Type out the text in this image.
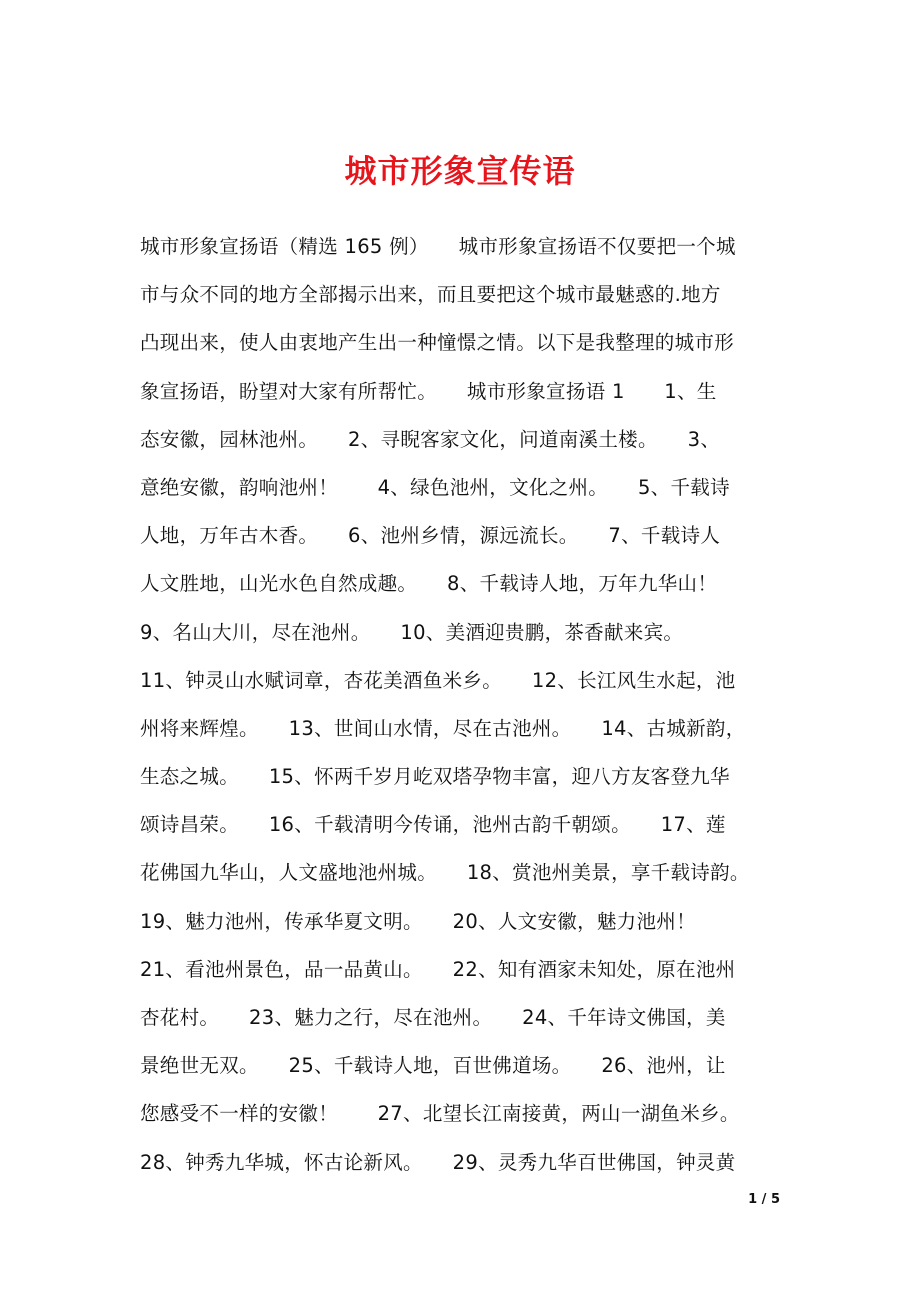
城市形象宣传语
城市形象宣扬语（精选 165 例）　　城市形象宣扬语不仅要把一个城
市与众不同的地方全部揭示出来，而且要把这个城市最魅惑的.地方
凸现出来，使人由衷地产生出一种憧憬之情。以下是我整理的城市形
象宣扬语，盼望对大家有所帮忙。　　城市形象宣扬语 1　　1、生
态安徽，园林池州。　　2、寻睨客家文化，问道南溪土楼。　　3、
意绝安徽，韵响池州！　　4、绿色池州，文化之州。　　5、千载诗
人地，万年古木香。　　6、池州乡情，源远流长。　　7、千载诗人
人文胜地，山光水色自然成趣。　　8、千载诗人地，万年九华山！
9、名山大川，尽在池州。　　10、美酒迎贵鹏，茶香献来宾。
11、钟灵山水赋词章，杏花美酒鱼米乡。　　12、长江风生水起，池
州将来辉煌。　　13、世间山水情，尽在古池州。　　14、古城新韵，
生态之城。　　15、怀两千岁月屹双塔孕物丰富，迎八方友客登九华
颂诗昌荣。　　16、千载清明今传诵，池州古韵千朝颂。　　17、莲
花佛国九华山，人文盛地池州城。　　18、赏池州美景，享千载诗韵。
19、魅力池州，传承华夏文明。　　20、人文安徽，魅力池州！
21、看池州景色，品一品黄山。　　22、知有酒家未知处，原在池州
杏花村。　　23、魅力之行，尽在池州。　　24、千年诗文佛国，美
景绝世无双。　　25、千载诗人地，百世佛道场。　　26、池州，让
您感受不一样的安徽！　　27、北望长江南接黄，两山一湖鱼米乡。
28、钟秀九华城，怀古论新风。　　29、灵秀九华百世佛国，钟灵黄
1 / 5
